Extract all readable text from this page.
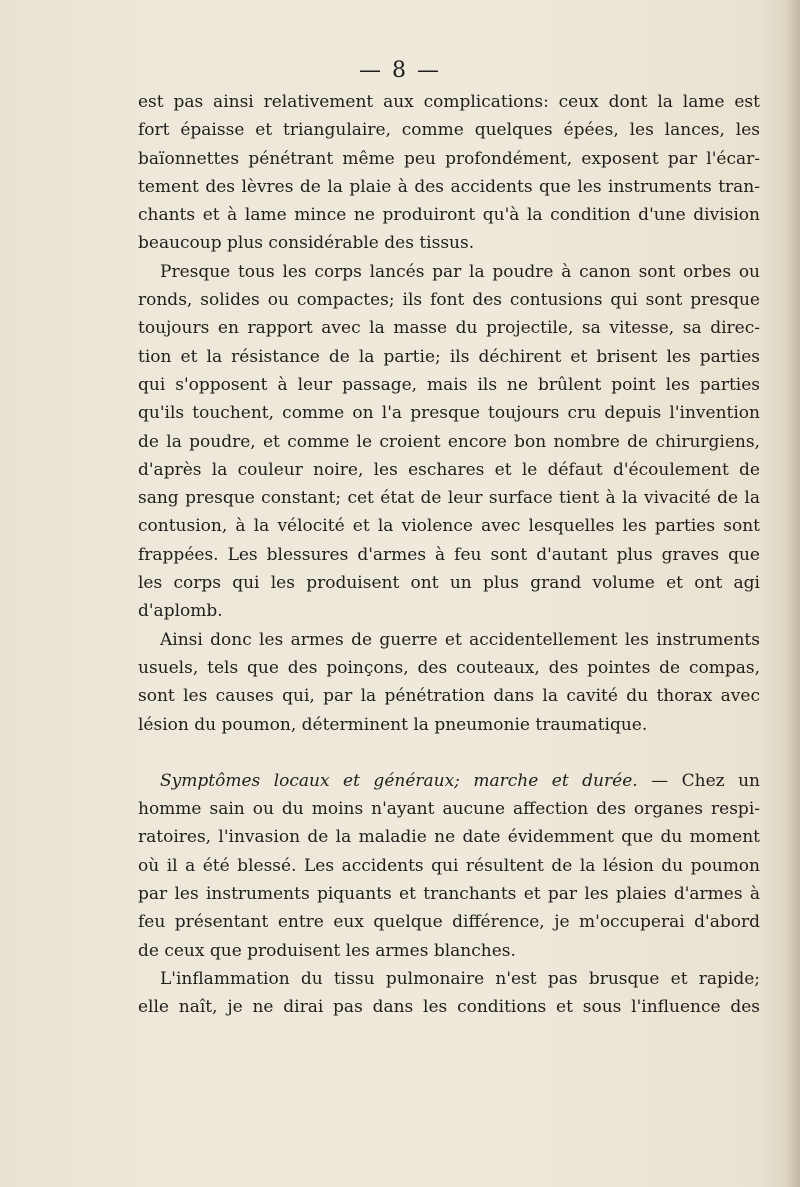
— 8 —
est pas ainsi relativement aux complications: ceux dont la lame est
fort épaisse et triangulaire, comme quelques épées, les lances, les
baïonnettes pénétrant même peu profondément, exposent par l'écar-
tement des lèvres de la plaie à des accidents que les instruments tran-
chants et à lame mince ne produiront qu'à la condition d'une division
beaucoup plus considérable des tissus.
Presque tous les corps lancés par la poudre à canon sont orbes ou
ronds, solides ou compactes; ils font des contusions qui sont presque
toujours en rapport avec la masse du projectile, sa vitesse, sa direc-
tion et la résistance de la partie; ils déchirent et brisent les parties
qui s'opposent à leur passage, mais ils ne brûlent point les parties
qu'ils touchent, comme on l'a presque toujours cru depuis l'invention
de la poudre, et comme le croient encore bon nombre de chirurgiens,
d'après la couleur noire, les eschares et le défaut d'écoulement de
sang presque constant; cet état de leur surface tient à la vivacité de la
contusion, à la vélocité et la violence avec lesquelles les parties sont
frappées. Les blessures d'armes à feu sont d'autant plus graves que
les corps qui les produisent ont un plus grand volume et ont agi
d'aplomb.
Ainsi donc les armes de guerre et accidentellement les instruments
usuels, tels que des poinçons, des couteaux, des pointes de compas,
sont les causes qui, par la pénétration dans la cavité du thorax avec
lésion du poumon, déterminent la pneumonie traumatique.
Symptômes locaux et généraux; marche et durée. — Chez un
homme sain ou du moins n'ayant aucune affection des organes respi-
ratoires, l'invasion de la maladie ne date évidemment que du moment
où il a été blessé. Les accidents qui résultent de la lésion du poumon
par les instruments piquants et tranchants et par les plaies d'armes à
feu présentant entre eux quelque différence, je m'occuperai d'abord
de ceux que produisent les armes blanches.
L'inflammation du tissu pulmonaire n'est pas brusque et rapide;
elle naît, je ne dirai pas dans les conditions et sous l'influence des
